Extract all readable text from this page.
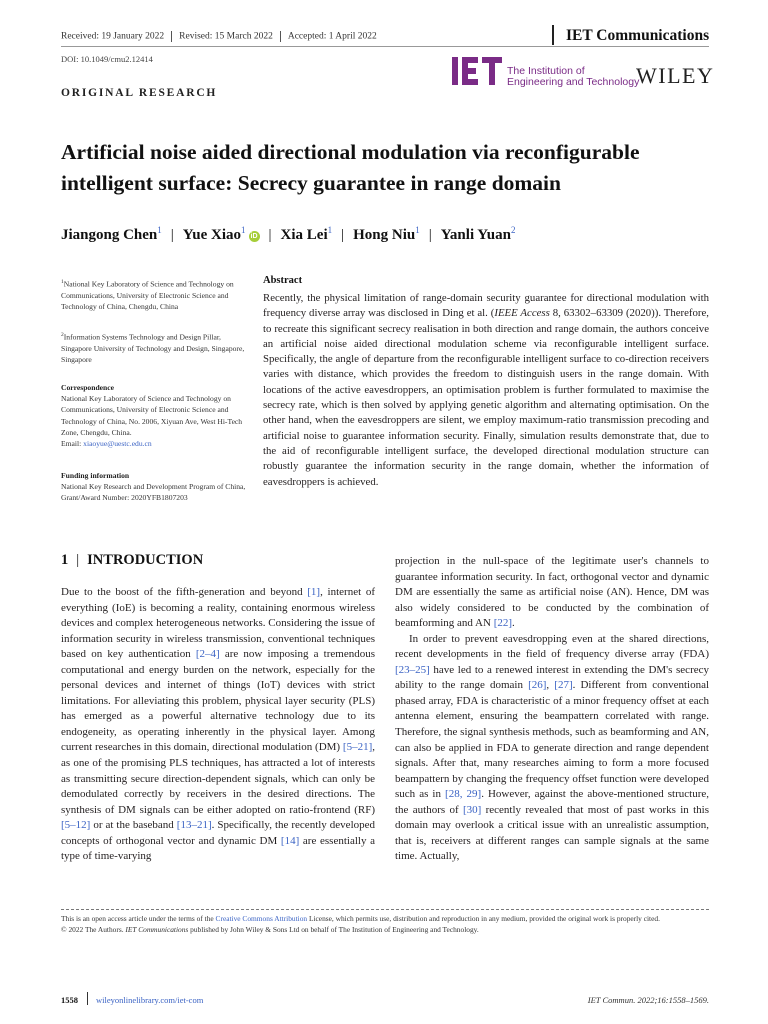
Received: 19 January 2022 Revised: 15 March 2022 Accepted: 1 April 2022	IET Communications
DOI: 10.1049/cmu2.12414
The Institution of
Engineering and Technology
WILEY
ORIGINAL RESEARCH
Artificial noise aided directional modulation via reconfigurable intelligent surface: Secrecy guarantee in range domain
Jiangong Chen$^1$ | Yue Xiao$^1$iD | Xia Lei$^1$ | Hong Niu$^1$ | Yanli Yuan$^2$
$^1$National Key Laboratory of Science and Technology on Communications, University of Electronic Science and Technology of China, Chengdu, China
$^2$Information Systems Technology and Design Pillar, Singapore University of Technology and Design, Singapore, Singapore
Correspondence
National Key Laboratory of Science and Technology on Communications, University of Electronic Science and Technology of China, No. 2006, Xiyuan Ave, West Hi-Tech Zone, Chengdu, China.
Email: xiaoyue@uestc.edu.cn
Funding information
National Key Research and Development Program of China, Grant/Award Number: 2020YFB1807203
Abstract

Recently, the physical limitation of range-domain security guarantee for directional modulation with frequency diverse array was disclosed in Ding et al. (IEEE Access 8, 63302–63309 (2020)). Therefore, to recreate this significant secrecy realisation in both direction and range domain, the authors conceive an artificial noise aided directional modulation scheme via reconfigurable intelligent surface. Specifically, the angle of departure from the reconfigurable intelligent surface to co-direction receivers varies with distance, which provides the freedom to distinguish users in the range domain. With locations of the active eavesdroppers, an optimisation problem is further formulated to maximise the secrecy rate, which is then solved by applying genetic algorithm and alternating optimisation. On the other hand, when the eavesdroppers are silent, we employ maximum-ratio transmission precoding and artificial noise to guarantee information security. Finally, simulation results demonstrate that, due to the aid of reconfigurable intelligent surface, the developed directional modulation structure can robustly guarantee the information security in the range domain, whether the information of eavesdroppers is achieved.

1 | INTRODUCTION

Due to the boost of the fifth-generation and beyond [1], internet of everything (IoE) is becoming a reality, containing enormous wireless devices and complex heterogeneous networks. Considering the issue of information security in wireless transmission, conventional techniques based on key authentication [2–4] are now imposing a tremendous computational and energy burden on the network, especially for the personal devices and internet of things (IoT) devices with strict limitations. For alleviating this problem, physical layer security (PLS) has emerged as a powerful alternative technology due to its endogeneity, as operating inherently in the physical layer. Among current researches in this domain, directional modulation (DM) [5–21], as one of the promising PLS techniques, has attracted a lot of interests as transmitting secure direction-dependent signals, which can only be demodulated correctly by receivers in the desired directions. The synthesis of DM signals can be either adopted on ratio-frontend (RF) [5–12] or at the baseband [13–21]. Specifically, the recently developed concepts of orthogonal vector and dynamic DM [14] are essentially a type of time-varying

projection in the null-space of the legitimate user's channels to guarantee information security. In fact, orthogonal vector and dynamic DM are essentially the same as artificial noise (AN). Hence, DM was also widely considered to be conducted by the combination of beamforming and AN [22].

In order to prevent eavesdropping even at the shared directions, recent developments in the field of frequency diverse array (FDA) [23–25] have led to a renewed interest in extending the DM's secrecy ability to the range domain [26], [27]. Different from conventional phased array, FDA is characteristic of a minor frequency offset at each antenna element, ensuring the beampattern correlated with range. Therefore, the signal synthesis methods, such as beamforming and AN, can also be applied in FDA to generate direction and range dependent signals. After that, many researches aiming to form a more focused beampattern by changing the frequency offset function were developed such as in [28, 29]. However, against the above-mentioned structure, the authors of [30] recently revealed that most of past works in this domain may overlook a critical issue with an unrealistic assumption, that is, receivers at different ranges can sample signals at the same time. Actually,

This is an open access article under the terms of the Creative Commons Attribution License, which permits use, distribution and reproduction in any medium, provided the original work is properly cited.
© 2022 The Authors. IET Communications published by John Wiley & Sons Ltd on behalf of The Institution of Engineering and Technology.
1558 wileyonlinelibrary.com/iet-com	IET Commun. 2022;16:1558–1569.
